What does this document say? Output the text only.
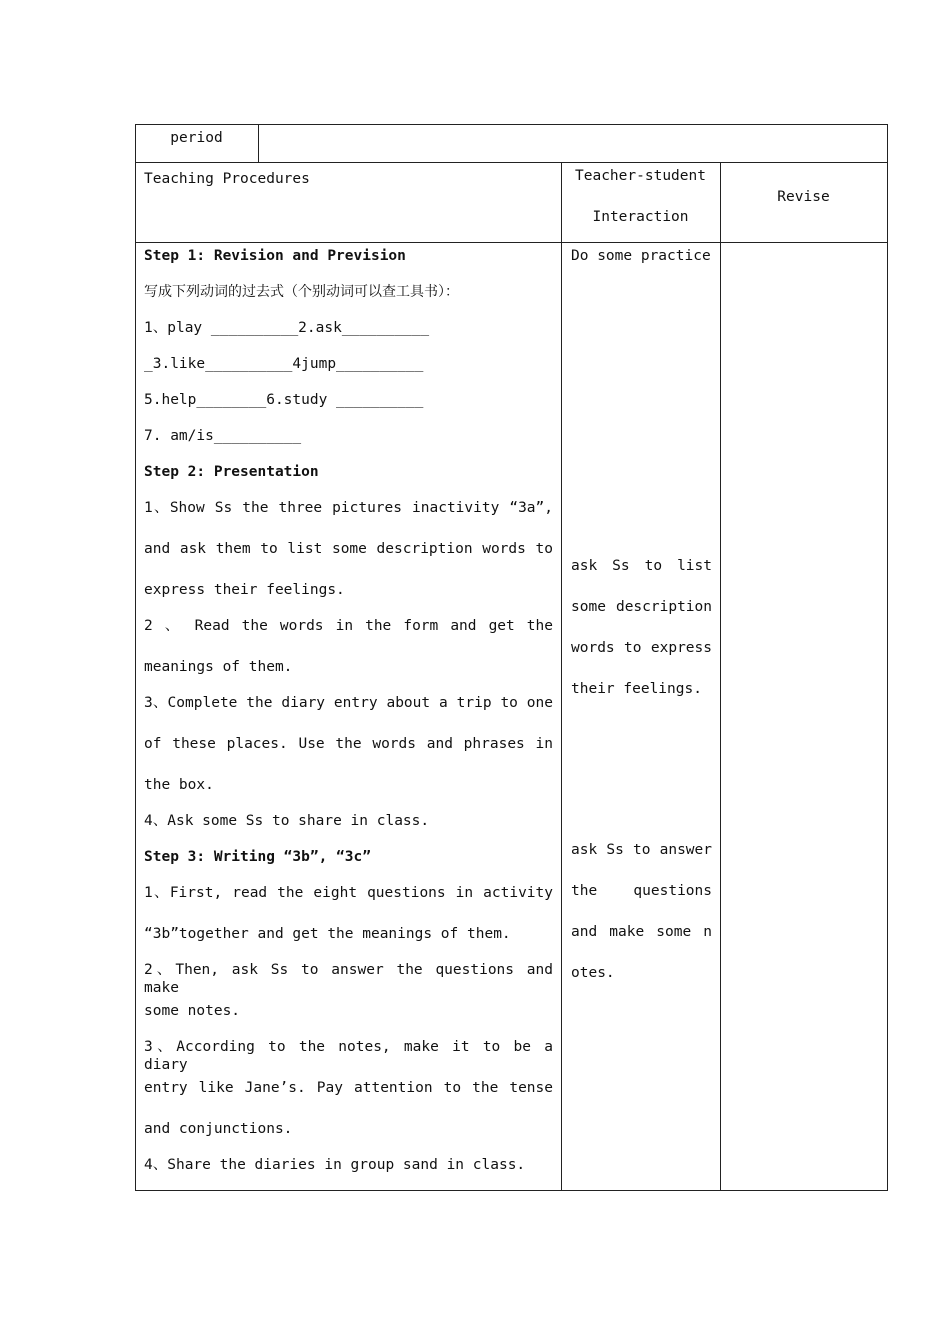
period
Teaching Procedures	Teacher-student
Interaction
Revise
Step 1: Revision and Prevision
写成下列动词的过去式（个别动词可以查工具书）：
1、play __________2.ask__________
_3.like__________4jump__________
5.help________6.study __________
7. am/is__________
Step 2: Presentation
1、Show Ss the three pictures inactivity “3a”,
and ask them to list some description words to
express their feelings.
2 、 Read the words in the form and get the
meanings of them.
3、Complete the diary entry about a trip to one
of these places. Use the words and phrases in
the box.
4、Ask some Ss to share in class.
Step 3: Writing “3b”, “3c”
1、First, read the eight questions in activity
“3b”together and get the meanings of them.
2、Then, ask Ss to answer the questions and make
some notes.
3、According to the notes, make it to be a diary
entry like Jane’s. Pay attention to the tense
and conjunctions.
4、Share the diaries in group sand in class.
Do some practice
ask Ss to list
some description
words to express
their feelings.
ask Ss to answer
the questions
and make some n
otes.
